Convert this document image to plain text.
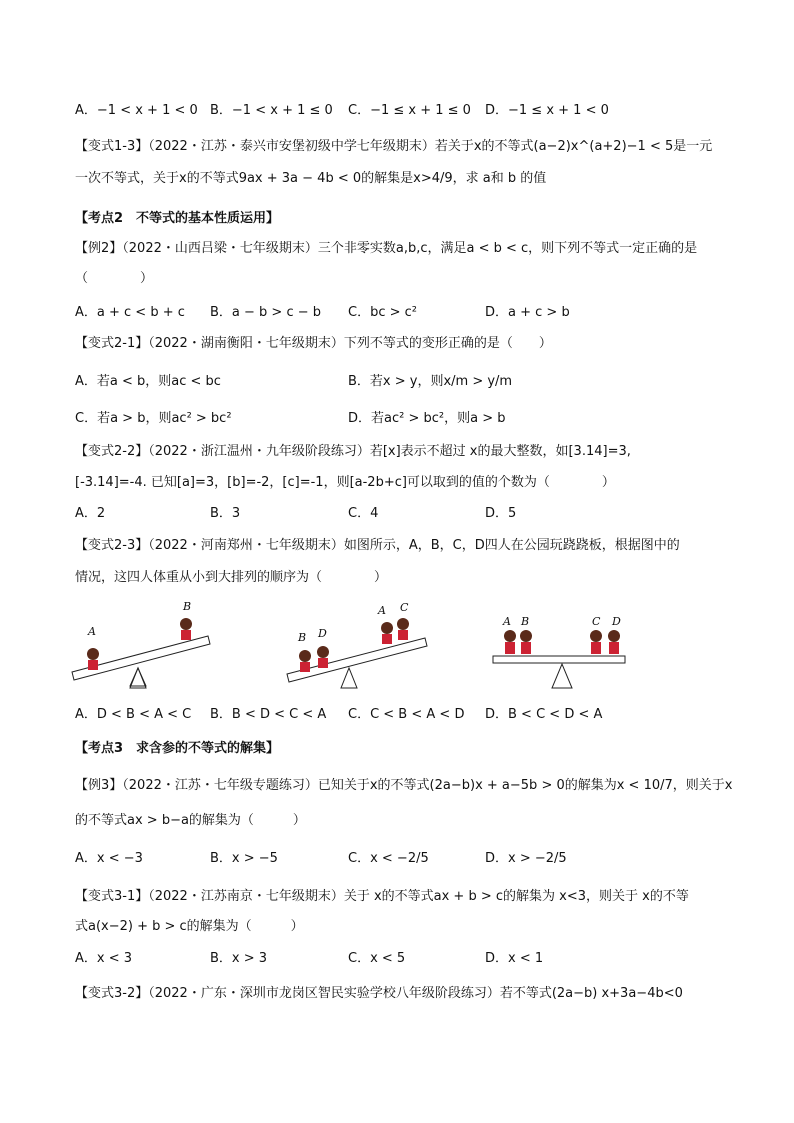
A．−1 < x + 1 < 0 B．−1 < x + 1 ≤ 0 C．−1 ≤ x + 1 ≤ 0 D．−1 ≤ x + 1 < 0
【变式1-3】（2022・江苏・泰兴市安堡初级中学七年级期末）若关于x的不等式(a−2)x^(a+2)−1 < 5是一元
一次不等式，关于x的不等式9ax + 3a − 4b < 0的解集是x>4/9，求 a和 b 的值
【考点2　不等式的基本性质运用】
【例2】（2022・山西吕梁・七年级期末）三个非零实数a,b,c，满足a < b < c，则下列不等式一定正确的是
（　　　　）
A．a + c < b + c B．a − b > c − b C．bc > c²	D．a + c > b
【变式2-1】（2022・湖南衡阳・七年级期末）下列不等式的变形正确的是（　　）
A．若a < b，则ac < bc	B．若x > y，则x/m > y/m
C．若a > b，则ac² > bc²	D．若ac² > bc²，则a > b
【变式2-2】（2022・浙江温州・九年级阶段练习）若[x]表示不超过 x的最大整数，如[3.14]=3,
[-3.14]=-4. 已知[a]=3，[b]=-2，[c]=-1，则[a-2b+c]可以取到的值的个数为（　　　　）
A．2	B．3	C．4	D．5
【变式2-3】（2022・河南郑州・七年级期末）如图所示，A，B，C，D四人在公园玩跷跷板，根据图中的
情况，这四人体重从小到大排列的顺序为（　　　　）
A
B
B D
A C
A B	C D
A．D < B < A < C B．B < D < C < A C．C < B < A < D D．B < C < D < A
【考点3　求含参的不等式的解集】
【例3】（2022・江苏・七年级专题练习）已知关于x的不等式(2a−b)x + a−5b > 0的解集为x < 10/7，则关于x
的不等式ax > b−a的解集为（　　　）
A．x < −3	B．x > −5	C．x < −2/5	D．x > −2/5
【变式3-1】（2022・江苏南京・七年级期末）关于 x的不等式ax + b > c的解集为 x<3，则关于 x的不等
式a(x−2) + b > c的解集为（　　　）
A．x < 3	B．x > 3	C．x < 5	D．x < 1
【变式3-2】（2022・广东・深圳市龙岗区智民实验学校八年级阶段练习）若不等式(2a−b) x+3a−4b<0
